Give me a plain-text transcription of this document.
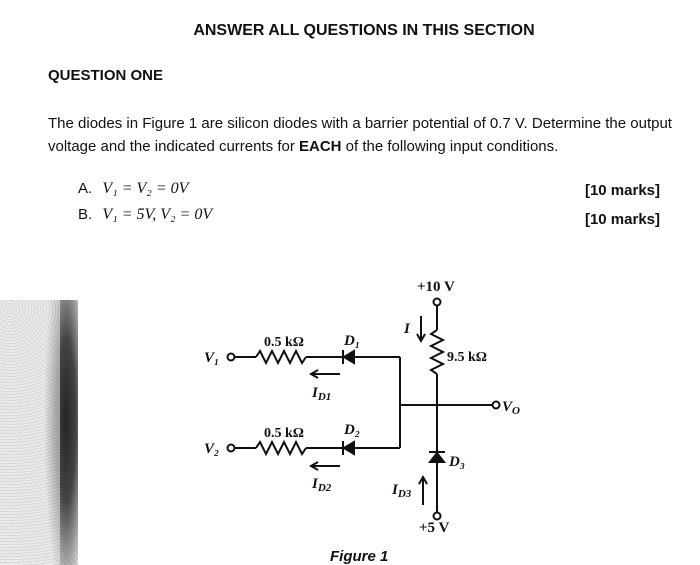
ANSWER ALL QUESTIONS IN THIS SECTION
QUESTION ONE
The diodes in Figure 1 are silicon diodes with a barrier potential of 0.7 V. Determine the output voltage and the indicated currents for EACH of the following input conditions.
A. V₁ = V₂ = 0V	[10 marks]
B. V₁ = 5V, V₂ = 0V	[10 marks]
+10 V
+5 V
I
0.5 kΩ
0.5 kΩ
9.5 kΩ
D₁
D₂
D₃
V₁
V₂
$V_O$
$I_{D1}$
$I_{D2}$	$I_{D3}$
Figure 1
